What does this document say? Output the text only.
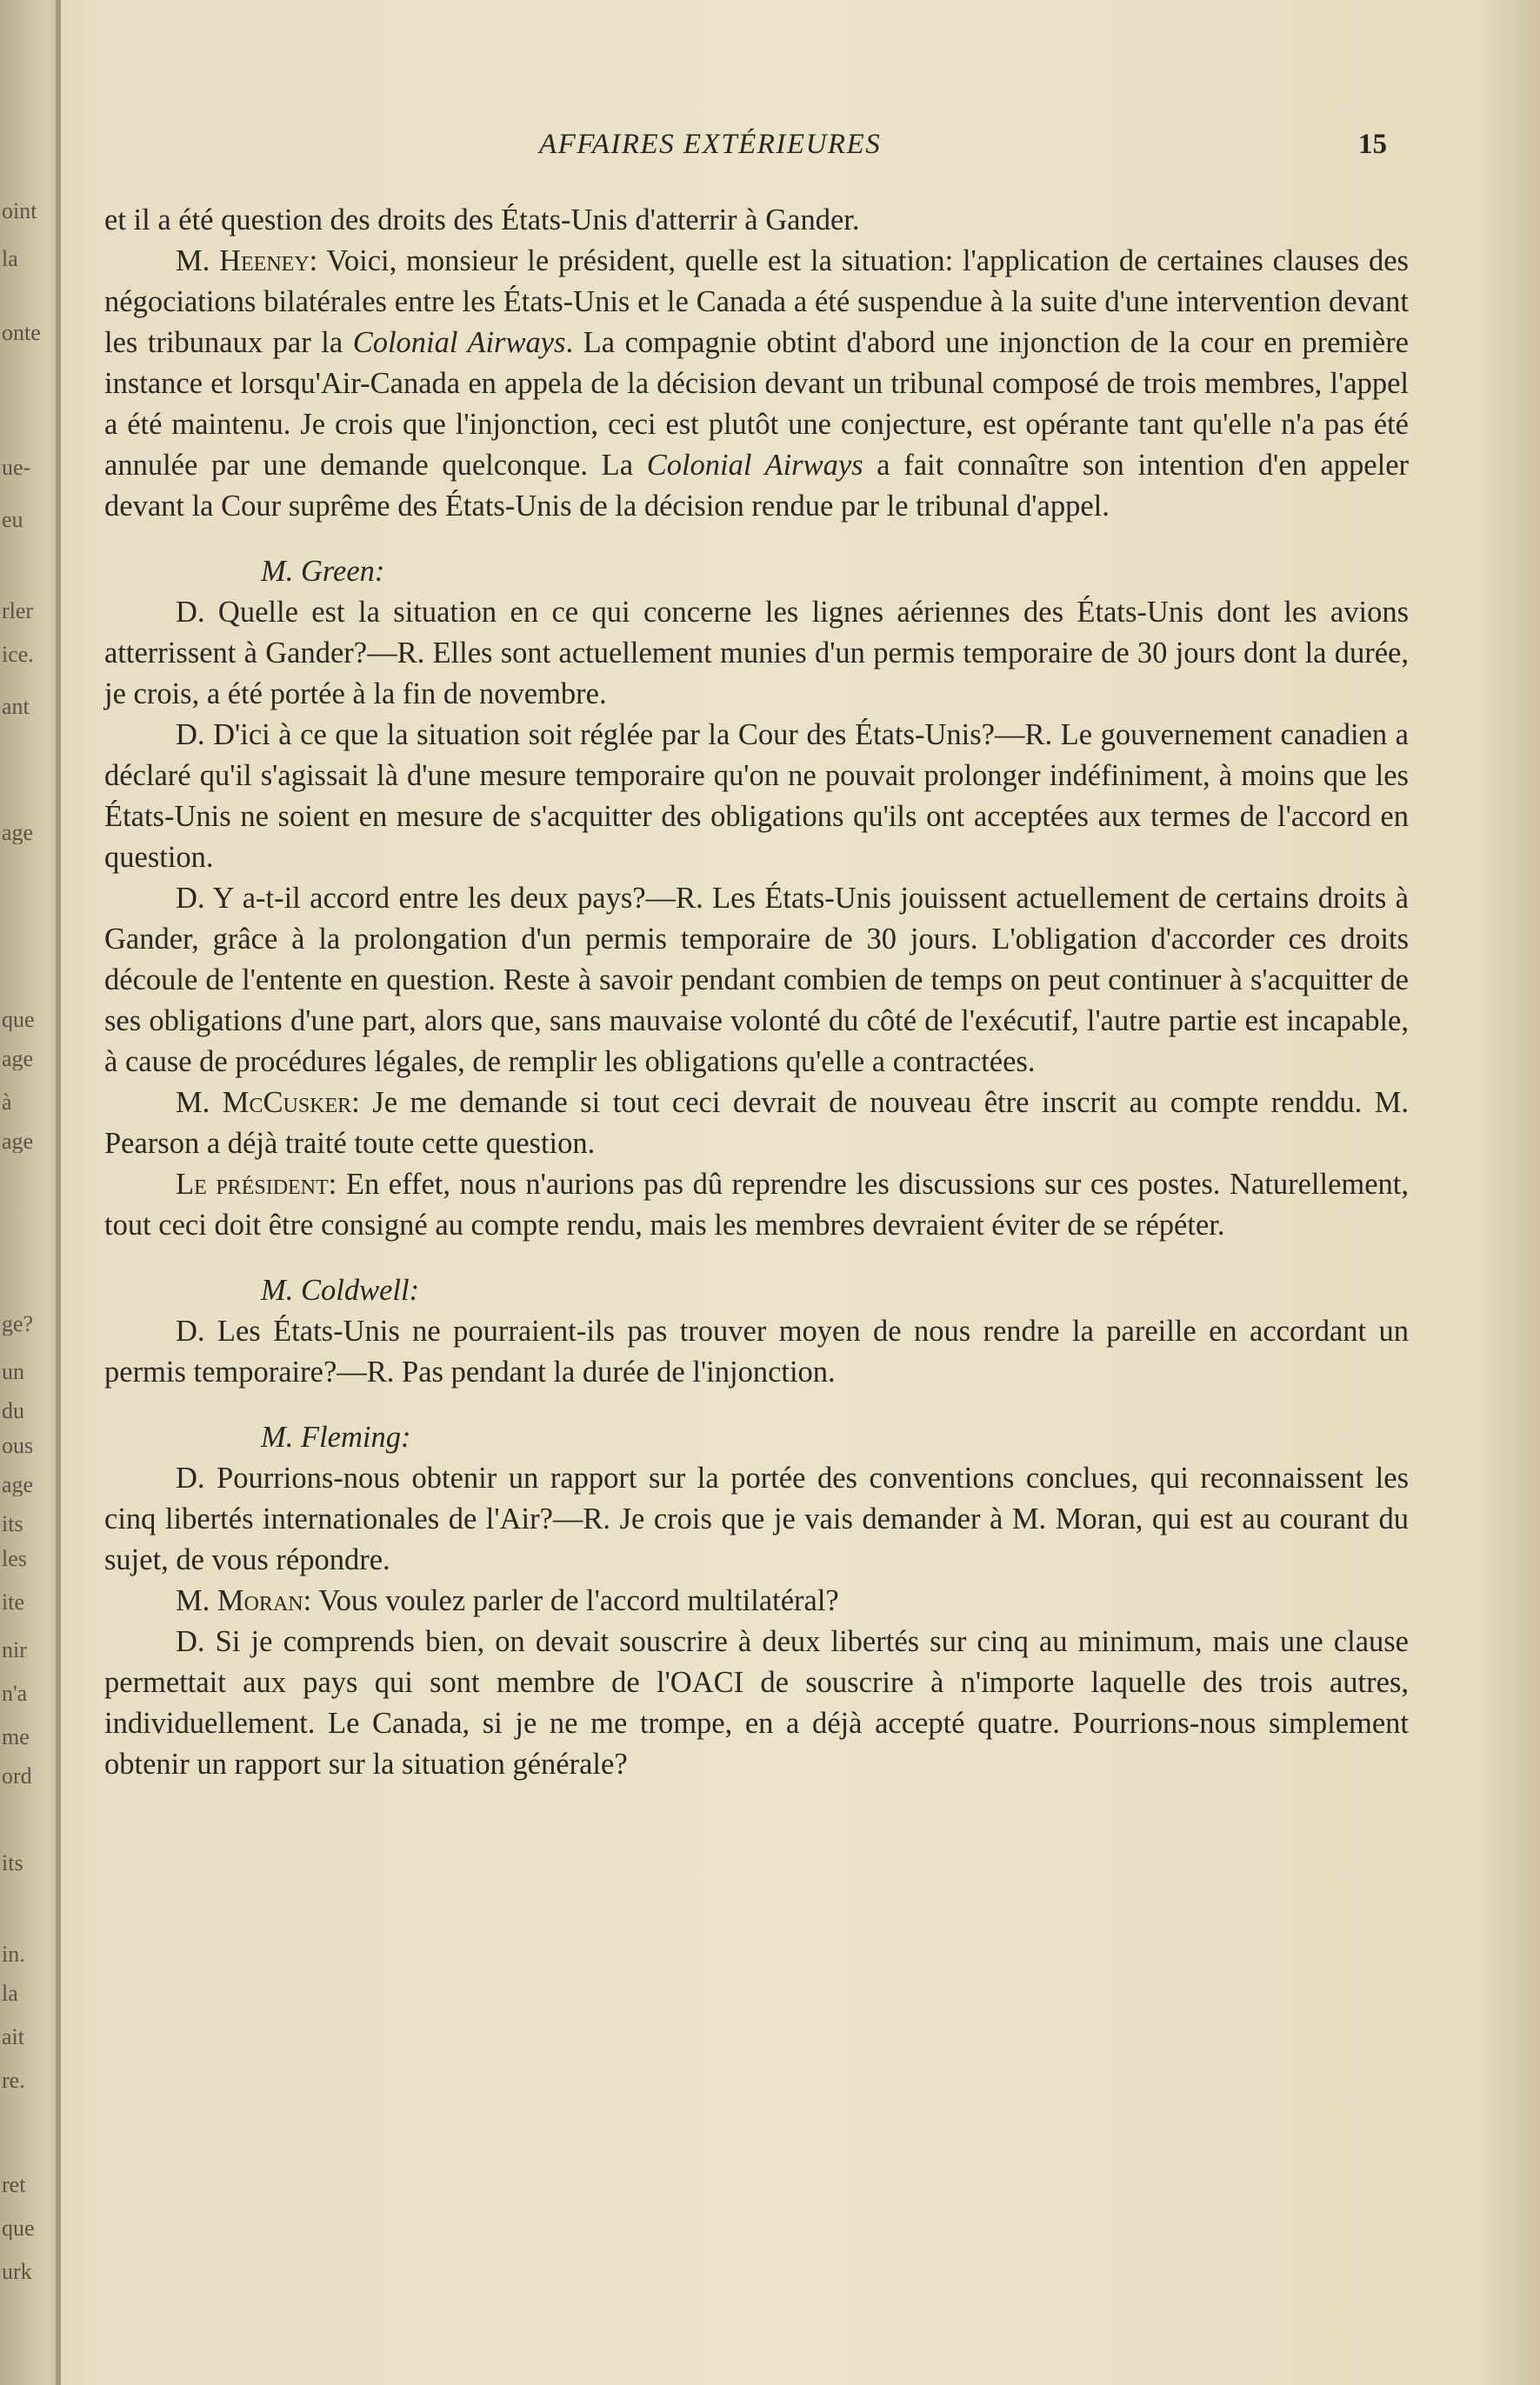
oint
la
onte
ue-
eu
rler
ice.
ant
age
que
age
à
age
ge?
un
du
ous
age
its
les
ite
nir
n'a
me
ord
its
in.
la
ait
re.
ret
que
urk
AFFAIRES EXTÉRIEURES	15

et il a été question des droits des États-Unis d'atterrir à Gander.

M. Heeney: Voici, monsieur le président, quelle est la situation: l'application de certaines clauses des négociations bilatérales entre les États-Unis et le Canada a été suspendue à la suite d'une intervention devant les tribunaux par la Colonial Airways. La compagnie obtint d'abord une injonction de la cour en première instance et lorsqu'Air-Canada en appela de la décision devant un tribunal composé de trois membres, l'appel a été maintenu. Je crois que l'injonction, ceci est plutôt une conjecture, est opérante tant qu'elle n'a pas été annulée par une demande quelconque. La Colonial Airways a fait connaître son intention d'en appeler devant la Cour suprême des États-Unis de la décision rendue par le tribunal d'appel.

M. Green:

D. Quelle est la situation en ce qui concerne les lignes aériennes des États-Unis dont les avions atterrissent à Gander?—R. Elles sont actuellement munies d'un permis temporaire de 30 jours dont la durée, je crois, a été portée à la fin de novembre.

D. D'ici à ce que la situation soit réglée par la Cour des États-Unis?—R. Le gouvernement canadien a déclaré qu'il s'agissait là d'une mesure temporaire qu'on ne pouvait prolonger indéfiniment, à moins que les États-Unis ne soient en mesure de s'acquitter des obligations qu'ils ont acceptées aux termes de l'accord en question.

D. Y a-t-il accord entre les deux pays?—R. Les États-Unis jouissent actuellement de certains droits à Gander, grâce à la prolongation d'un permis temporaire de 30 jours. L'obligation d'accorder ces droits découle de l'entente en question. Reste à savoir pendant combien de temps on peut continuer à s'acquitter de ses obligations d'une part, alors que, sans mauvaise volonté du côté de l'exécutif, l'autre partie est incapable, à cause de procédures légales, de remplir les obligations qu'elle a contractées.

M. McCusker: Je me demande si tout ceci devrait de nouveau être inscrit au compte renddu. M. Pearson a déjà traité toute cette question.

Le président: En effet, nous n'aurions pas dû reprendre les discussions sur ces postes. Naturellement, tout ceci doit être consigné au compte rendu, mais les membres devraient éviter de se répéter.

M. Coldwell:

D. Les États-Unis ne pourraient-ils pas trouver moyen de nous rendre la pareille en accordant un permis temporaire?—R. Pas pendant la durée de l'injonction.

M. Fleming:

D. Pourrions-nous obtenir un rapport sur la portée des conventions conclues, qui reconnaissent les cinq libertés internationales de l'Air?—R. Je crois que je vais demander à M. Moran, qui est au courant du sujet, de vous répondre.

M. Moran: Vous voulez parler de l'accord multilatéral?

D. Si je comprends bien, on devait souscrire à deux libertés sur cinq au minimum, mais une clause permettait aux pays qui sont membre de l'OACI de souscrire à n'importe laquelle des trois autres, individuellement. Le Canada, si je ne me trompe, en a déjà accepté quatre. Pourrions-nous simplement obtenir un rapport sur la situation générale?
